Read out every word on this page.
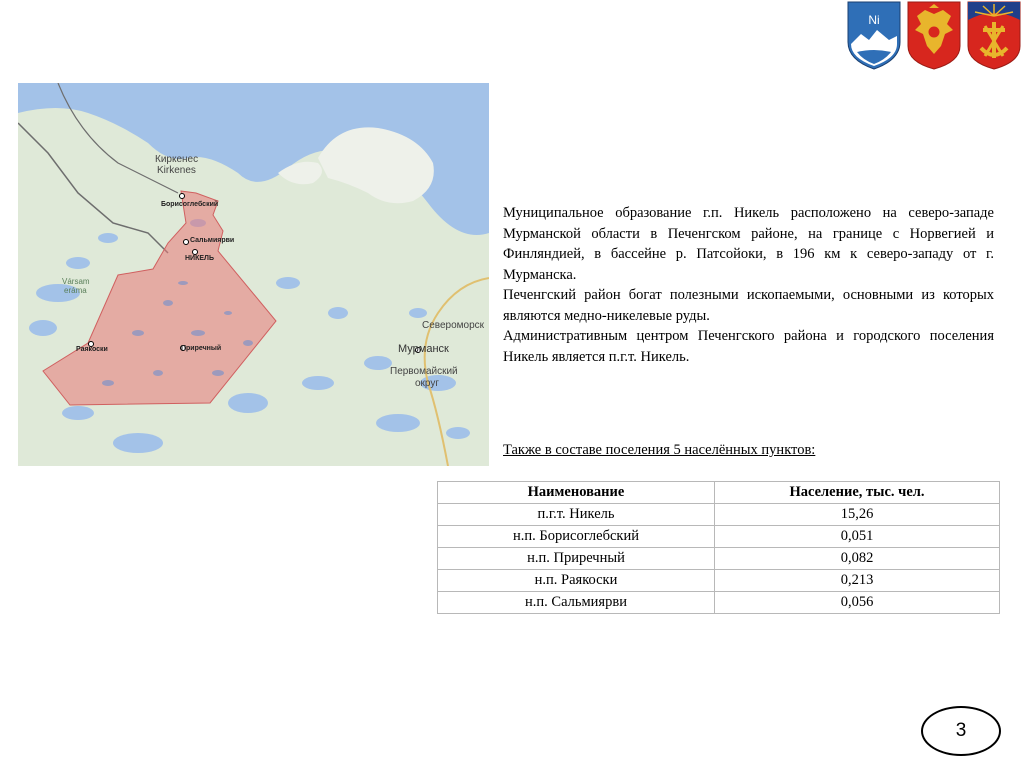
Ni
Киркенес
Kirkenes
Борисоглебский
Сальмиярви
НИКЕЛЬ
Vársam
eráma
Раякоски	Приречный
Североморск
Мурманск
Первомайский
округ

Муниципальное образование г.п. Никель расположено на северо-западе Мурманской области в Печенгском районе, на границе с Норвегией и Финляндией, в бассейне р. Патсойоки, в 196 км к северо-западу от г. Мурманска.

Печенгский район богат полезными ископаемыми, основными из которых являются медно-никелевые руды.

Административным центром Печенгского района и городского поселения Никель является п.г.т. Никель.

Также в составе поселения 5 населённых пунктов:
Наименование	Население, тыс. чел.
п.г.т. Никель	15,26
н.п. Борисоглебский	0,051
н.п. Приречный	0,082
н.п. Раякоски	0,213
н.п. Сальмиярви	0,056
3
